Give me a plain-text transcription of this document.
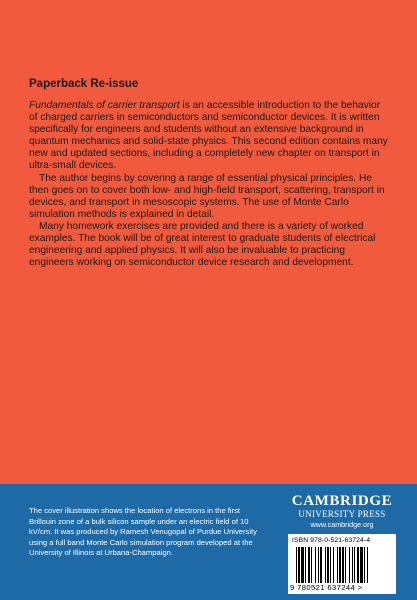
Paperback Re-issue

Fundamentals of carrier transport is an accessible introduction to the behavior of charged carriers in semiconductors and semiconductor devices. It is written specifically for engineers and students without an extensive background in quantum mechanics and solid-state physics. This second edition contains many new and updated sections, including a completely new chapter on transport in ultra-small devices.

The author begins by covering a range of essential physical principles. He then goes on to cover both low- and high-field transport, scattering, transport in devices, and transport in mesoscopic systems. The use of Monte Carlo simulation methods is explained in detail.

Many homework exercises are provided and there is a variety of worked examples. The book will be of great interest to graduate students of electrical engineering and applied physics. It will also be invaluable to practicing engineers working on semiconductor device research and development.

The cover illustration shows the location of electrons in the first Brillouin zone of a bulk silicon sample under an electric field of 10 kV/cm. It was produced by Ramesh Venugopal of Purdue University using a full band Monte Carlo simulation program developed at the University of Illinois at Urbana-Champaign.

CAMBRIDGE
UNIVERSITY PRESS
www.cambridge.org
ISBN 978-0-521-63724-4
9 780521 637244 >
